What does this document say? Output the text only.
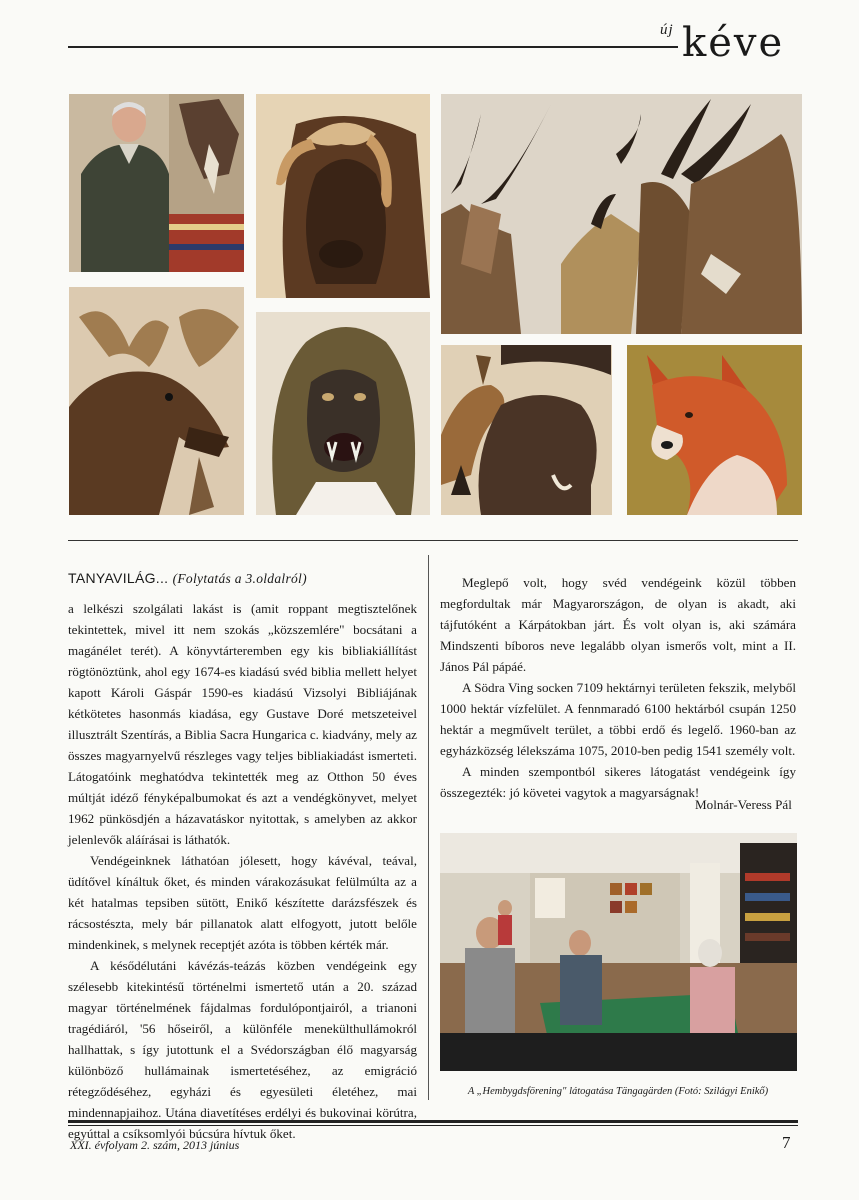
új kéve

TANYAVILÁG... (Folytatás a 3.oldalról)

a lelkészi szolgálati lakást is (amit roppant megtisztelőnek tekintettek, mivel itt nem szokás „közszemlére" bocsátani a magánélet terét). A könyvtárteremben egy kis bibliakiállítást rögtönöztünk, ahol egy 1674-es kiadású svéd biblia mellett helyet kapott Károli Gáspár 1590-es kiadású Vizsolyi Bibliájának kétkötetes hasonmás kiadása, egy Gustave Doré metszeteivel illusztrált Szentírás, a Biblia Sacra Hungarica c. kiadvány, mely az összes magyarnyelvű részleges vagy teljes bibliakiadást ismerteti. Látogatóink meghatódva tekintették meg az Otthon 50 éves múltját idéző fényképalbumokat és azt a vendégkönyvet, melyet 1962 pünkösdjén a házavatáskor nyitottak, s amelyben az akkor jelenlevők aláírásai is láthatók.

Vendégeinknek láthatóan jólesett, hogy kávéval, teával, üdítővel kínáltuk őket, és minden várakozásukat felülmúlta az a két hatalmas tepsiben sütött, Enikő készítette darázsfészek és rácsostészta, mely bár pillanatok alatt elfogyott, jutott belőle mindenkinek, s melynek receptjét azóta is többen kérték már.

A késődélutáni kávézás-teázás közben vendégeink egy szélesebb kitekintésű történelmi ismertető után a 20. század magyar történelmének fájdalmas fordulópontjairól, a trianoni tragédiáról, '56 hőseiről, a különféle menekülthullámokról hallhattak, s így jutottunk el a Svédországban élő magyarság különböző hullámainak ismertetéséhez, az emigráció rétegződéséhez, egyházi és egyesületi életéhez, mai mindennapjaihoz. Utána diavetítéses erdélyi és bukovinai körútra, egyúttal a csíksomlyói búcsúra hívtuk őket.

Meglepő volt, hogy svéd vendégeink közül többen megfordultak már Magyarországon, de olyan is akadt, aki tájfutóként a Kárpátokban járt. És volt olyan is, aki számára Mindszenti bíboros neve legalább olyan ismerős volt, mint a II. János Pál pápáé.

A Södra Ving socken 7109 hektárnyi területen fekszik, melyből 1000 hektár vízfelület. A fennmaradó 6100 hektárból csupán 1250 hektár a megművelt terület, a többi erdő és legelő. 1960-ban az egyházközség lélekszáma 1075, 2010-ben pedig 1541 személy volt.

A minden szempontból sikeres látogatást vendégeink így összegezték: jó követei vagytok a magyarságnak!

Molnár-Veress Pál
A „Hembygdsförening" látogatása Tängagärden (Fotó: Szilágyi Enikő)
XXI. évfolyam 2. szám, 2013 június	7
